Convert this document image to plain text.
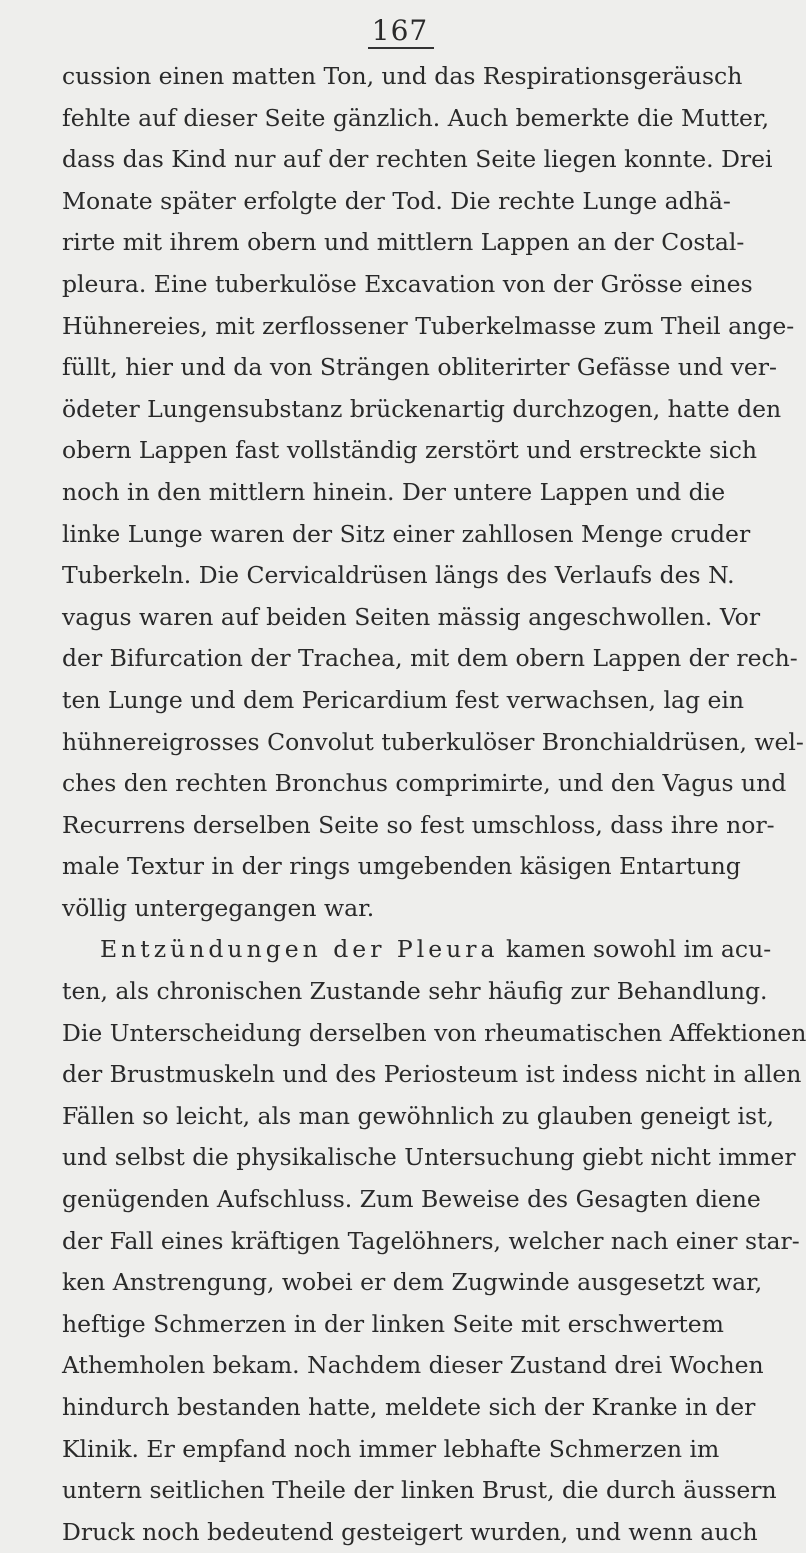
167
cussion einen matten Ton, und das Respirationsgeräusch
fehlte auf dieser Seite gänzlich. Auch bemerkte die Mutter,
dass das Kind nur auf der rechten Seite liegen konnte. Drei
Monate später erfolgte der Tod. Die rechte Lunge adhä-
rirte mit ihrem obern und mittlern Lappen an der Costal-
pleura. Eine tuberkulöse Excavation von der Grösse eines
Hühnereies, mit zerflossener Tuberkelmasse zum Theil ange-
füllt, hier und da von Strängen obliterirter Gefässe und ver-
ödeter Lungensubstanz brückenartig durchzogen, hatte den
obern Lappen fast vollständig zerstört und erstreckte sich
noch in den mittlern hinein. Der untere Lappen und die
linke Lunge waren der Sitz einer zahllosen Menge cruder
Tuberkeln. Die Cervicaldrüsen längs des Verlaufs des N.
vagus waren auf beiden Seiten mässig angeschwollen. Vor
der Bifurcation der Trachea, mit dem obern Lappen der rech-
ten Lunge und dem Pericardium fest verwachsen, lag ein
hühnereigrosses Convolut tuberkulöser Bronchialdrüsen, wel-
ches den rechten Bronchus comprimirte, und den Vagus und
Recurrens derselben Seite so fest umschloss, dass ihre nor-
male Textur in der rings umgebenden käsigen Entartung
völlig untergegangen war.
Entzündungen der Pleura kamen sowohl im acu-
ten, als chronischen Zustande sehr häufig zur Behandlung.
Die Unterscheidung derselben von rheumatischen Affektionen
der Brustmuskeln und des Periosteum ist indess nicht in allen
Fällen so leicht, als man gewöhnlich zu glauben geneigt ist,
und selbst die physikalische Untersuchung giebt nicht immer
genügenden Aufschluss. Zum Beweise des Gesagten diene
der Fall eines kräftigen Tagelöhners, welcher nach einer star-
ken Anstrengung, wobei er dem Zugwinde ausgesetzt war,
heftige Schmerzen in der linken Seite mit erschwertem
Athemholen bekam. Nachdem dieser Zustand drei Wochen
hindurch bestanden hatte, meldete sich der Kranke in der
Klinik. Er empfand noch immer lebhafte Schmerzen im
untern seitlichen Theile der linken Brust, die durch äussern
Druck noch bedeutend gesteigert wurden, und wenn auch
